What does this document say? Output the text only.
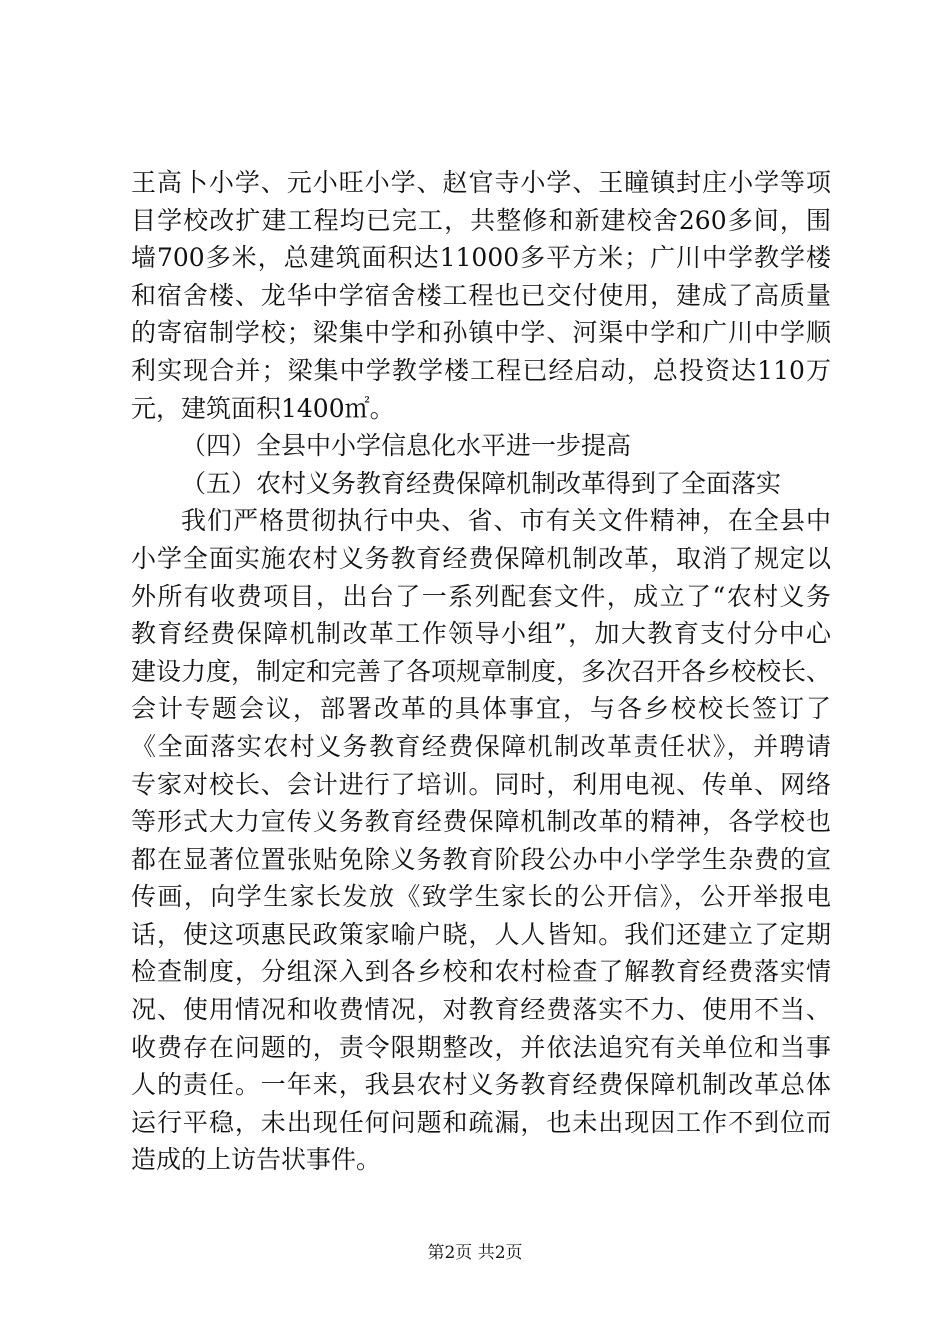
王高卜小学、元小旺小学、赵官寺小学、王瞳镇封庄小学等项
目学校改扩建工程均已完工，共整修和新建校舍260多间，围
墙700多米，总建筑面积达11000多平方米；广川中学教学楼
和宿舍楼、龙华中学宿舍楼工程也已交付使用，建成了高质量
的寄宿制学校；梁集中学和孙镇中学、河渠中学和广川中学顺
利实现合并；梁集中学教学楼工程已经启动，总投资达110万
元，建筑面积1400㎡。
（四）全县中小学信息化水平进一步提高
（五）农村义务教育经费保障机制改革得到了全面落实
我们严格贯彻执行中央、省、市有关文件精神，在全县中
小学全面实施农村义务教育经费保障机制改革，取消了规定以
外所有收费项目，出台了一系列配套文件，成立了“农村义务
教育经费保障机制改革工作领导小组”，加大教育支付分中心
建设力度，制定和完善了各项规章制度，多次召开各乡校校长、
会计专题会议，部署改革的具体事宜，与各乡校校长签订了
《全面落实农村义务教育经费保障机制改革责任状》，并聘请
专家对校长、会计进行了培训。同时，利用电视、传单、网络
等形式大力宣传义务教育经费保障机制改革的精神，各学校也
都在显著位置张贴免除义务教育阶段公办中小学学生杂费的宣
传画，向学生家长发放《致学生家长的公开信》，公开举报电
话，使这项惠民政策家喻户晓，人人皆知。我们还建立了定期
检查制度，分组深入到各乡校和农村检查了解教育经费落实情
况、使用情况和收费情况，对教育经费落实不力、使用不当、
收费存在问题的，责令限期整改，并依法追究有关单位和当事
人的责任。一年来，我县农村义务教育经费保障机制改革总体
运行平稳，未出现任何问题和疏漏，也未出现因工作不到位而
造成的上访告状事件。
第2页 共2页
